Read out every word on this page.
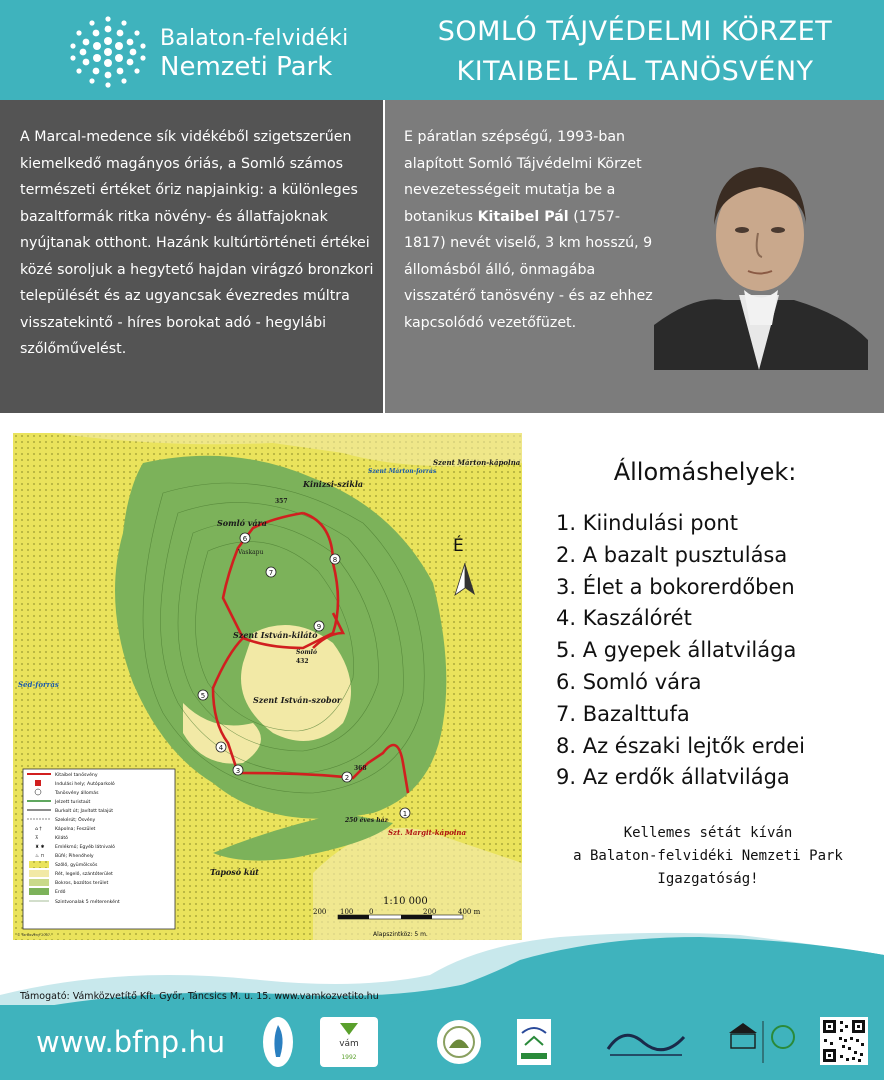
Balaton-felvidéki
Nemzeti Park
SOMLÓ TÁJVÉDELMI KÖRZET
KITAIBEL PÁL TANÖSVÉNY
A Marcal-medence sík vidékéből szigetszerűen kiemelkedő magányos óriás, a Somló számos természeti értéket őriz napjainkig: a különleges bazaltformák ritka növény- és állatfajoknak nyújtanak otthont. Hazánk kultúrtörténeti értékei közé soroljuk a hegytető hajdan virágzó bronzkori települését és az ugyancsak évezredes múltra visszatekintő - híres borokat adó - hegylábi szőlőművelést.
E páratlan szépségű, 1993-ban alapított Somló Tájvédelmi Körzet nevezetességeit mutatja be a botanikus Kitaibel Pál (1757-1817) nevét viselő, 3 km hosszú, 9 állomásból álló, önmagába visszatérő tanösvény - és az ehhez kapcsolódó vezetőfüzet.
1
2
3
4
5
6
7
8
9
Kinizsi-szikla
Somló vára
Vaskapu
Szent István-kilátó
Somló
Szent István-szobor
Szent Márton-kápolna
Szent Márton-forrás
Szt. Margit-kápolna
250 éves ház
Taposó kút
Séd-forrás
357
432
368
É
Kitaibel tanösvény
Indulási hely; Autóparkoló
Tanösvény állomás
Jelzett turistaút
Burkolt út; Javított talajút
Szekérút; Ösvény
⌂ †	Kápolna; Feszület
⊼	Kilátó
♜ ✱ Emlékmű; Egyéb látnivaló
♨ ⊓ Büfé; Pihenőhely
Szőlő, gyümölcsös
Rét, legelő, szántóterület
Bokros, bozótos terület
Erdő
Szintvonalak 5 méterenként	1:10 000
200 100 0	200	400 m
Alapszintköz: 5 m.
© Tanösvény 2007.
Állomáshelyek:
1. Kiindulási pont
2. A bazalt pusztulása
3. Élet a bokorerdőben
4. Kaszálórét
5. A gyepek állatvilága
6. Somló vára
7. Bazalttufa
8. Az északi lejtők erdei
9. Az erdők állatvilága
Kellemes sétát kíván
a Balaton-felvidéki Nemzeti Park
Igazgatóság!
Támogató: Vámközvetítő Kft. Győr, Táncsics M. u. 15. www.vamkozvetito.hu
www.bfnp.hu	vám
1992
